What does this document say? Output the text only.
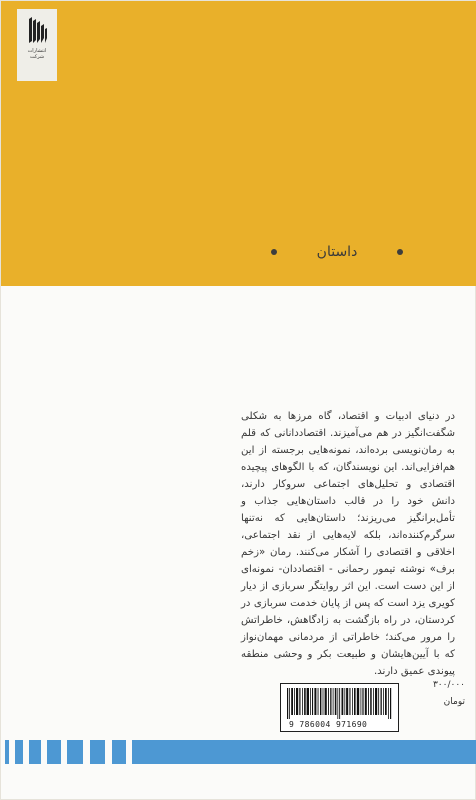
انتشارات
شرکت
داستان
در دنیای ادبیات و اقتصاد، گاه مرزها به شکلی شگفت‌انگیز در هم می‌آمیزند. اقتصاددانانی که قلم به رمان‌نویسی برده‌اند، نمونه‌هایی برجسته از این هم‌افزایی‌اند. این نویسندگان، که با الگوهای پیچیده اقتصادی و تحلیل‌های اجتماعی سروکار دارند، دانش خود را در قالب داستان‌هایی جذاب و تأمل‌برانگیز می‌ریزند؛ داستان‌هایی که نه‌تنها سرگرم‌کننده‌اند، بلکه لایه‌هایی از نقد اجتماعی، اخلاقی و اقتصادی را آشکار می‌کنند. رمان «زخم برف» نوشته تیمور رحمانی - اقتصاددان- نمونه‌ای از این دست است. این اثر روایتگر سربازی از دیار کویری یزد است که پس از پایان خدمت سربازی در کردستان، در راه بازگشت به زادگاهش، خاطراتش را مرور می‌کند؛ خاطراتی از مردمانی مهمان‌نواز که با آیین‌هایشان و طبیعت بکر و وحشی منطقه پیوندی عمیق دارند.
۳۰۰/۰۰۰
تومان
9 786004 971690
